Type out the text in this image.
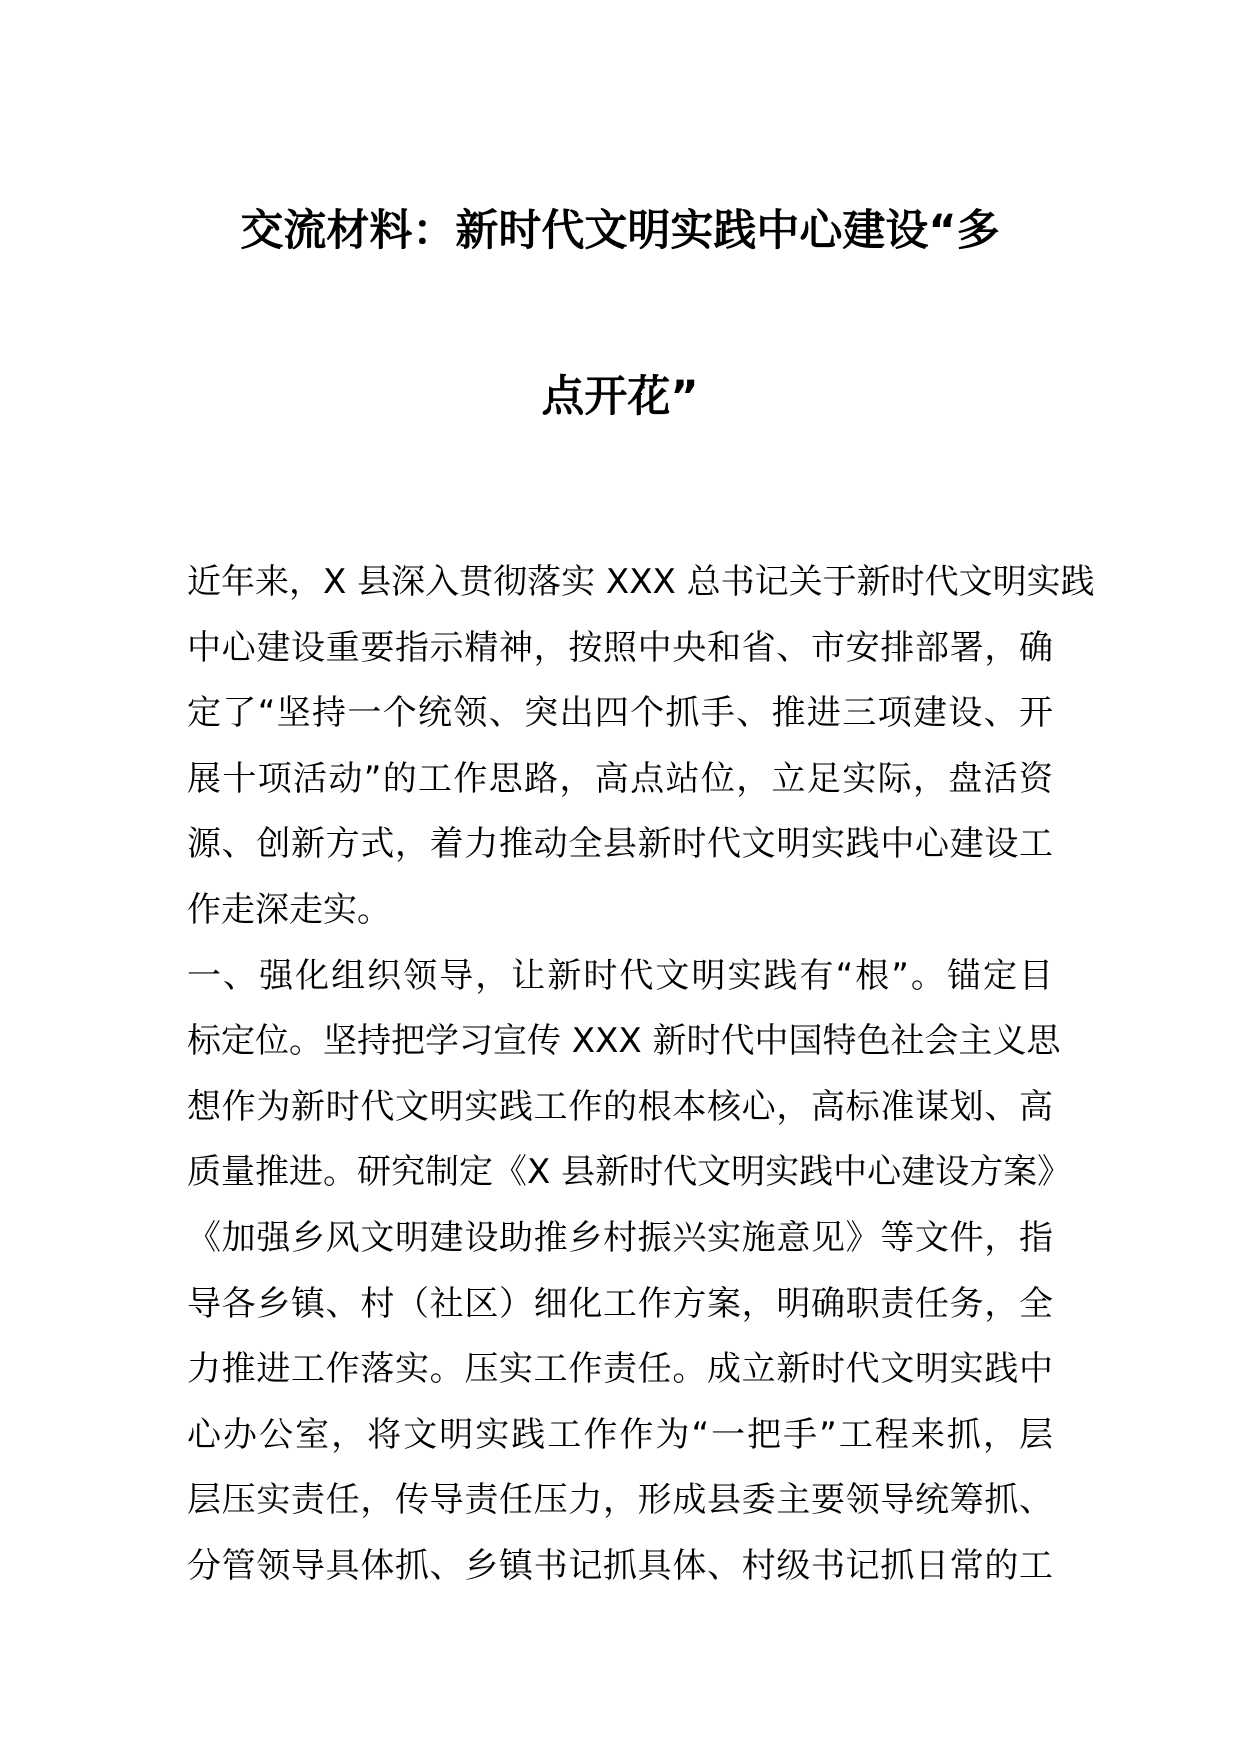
交流材料：新时代文明实践中心建设“多
点开花”
近年来，X 县深入贯彻落实 XXX 总书记关于新时代文明实践
中心建设重要指示精神，按照中央和省、市安排部署，确
定了“坚持一个统领、突出四个抓手、推进三项建设、开
展十项活动”的工作思路，高点站位，立足实际，盘活资
源、创新方式，着力推动全县新时代文明实践中心建设工
作走深走实。
一、强化组织领导，让新时代文明实践有“根”。锚定目
标定位。坚持把学习宣传 XXX 新时代中国特色社会主义思
想作为新时代文明实践工作的根本核心，高标准谋划、高
质量推进。研究制定《X 县新时代文明实践中心建设方案》
《加强乡风文明建设助推乡村振兴实施意见》等文件，指
导各乡镇、村（社区）细化工作方案，明确职责任务，全
力推进工作落实。压实工作责任。成立新时代文明实践中
心办公室，将文明实践工作作为“一把手”工程来抓，层
层压实责任，传导责任压力，形成县委主要领导统筹抓、
分管领导具体抓、乡镇书记抓具体、村级书记抓日常的工
